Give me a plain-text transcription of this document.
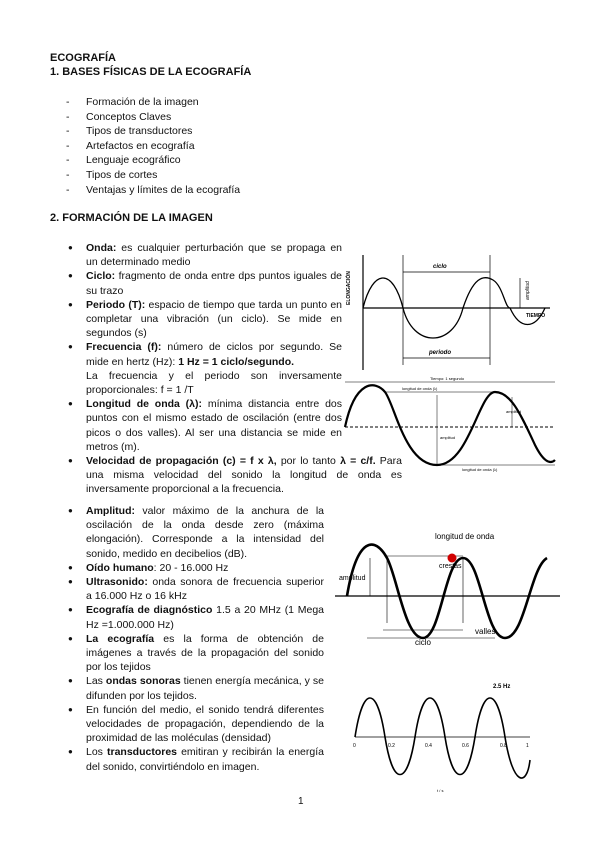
ECOGRAFÍA
1. BASES FÍSICAS DE LA ECOGRAFÍA
- Formación de la imagen
- Conceptos Claves
- Tipos de transductores
- Artefactos en ecografía
- Lenguaje ecográfico
- Tipos de cortes
- Ventajas y límites de la ecografía
2. FORMACIÓN DE LA IMAGEN
● Onda: es cualquier perturbación que se propaga en un determinado medio
● Ciclo: fragmento de onda entre dps puntos iguales de su trazo
● Periodo (T): espacio de tiempo que tarda un punto en completar una vibración (un ciclo). Se mide en segundos (s)
● Frecuencia (f): número de ciclos por segundo. Se mide en hertz (Hz): 1 Hz = 1 ciclo/segundo.
La frecuencia y el periodo son inversamente proporcionales: f = 1 /T
● Longitud de onda (λ): mínima distancia entre dos puntos con el mismo estado de oscilación (entre dos picos o dos valles). Al ser una distancia se mide en metros (m).
● Velocidad de propagación (c) = f x λ, por lo tanto λ = c/f. Para una misma velocidad del sonido la longitud de onda es inversamente proporcional a la frecuencia.
● Amplitud: valor máximo de la anchura de la oscilación de la onda desde zero (máxima elongación). Corresponde a la intensidad del sonido, medido en decibelios (dB).
● Oído humano: 20 - 16.000 Hz
● Ultrasonido: onda sonora de frecuencia superior a 16.000 Hz o 16 kHz
● Ecografía de diagnóstico 1.5 a 20 MHz (1 Mega Hz =1.000.000 Hz)
● La ecografía es la forma de obtención de imágenes a través de la propagación del sonido por los tejidos
● Las ondas sonoras tienen energía mecánica, y se difunden por los tejidos.
● En función del medio, el sonido tendrá diferentes velocidades de propagación, dependiendo de la proximidad de las moléculas (densidad)
● Los transductores emitiran y recibirán la energía del sonido, convirtiéndolo en imagen.
ELONGACIÓN
TIEMPO
ciclo
periodo
amplitud
Tiempo: 1 segundo
longitud de onda (λ)
amplitud
amplitud
longitud de onda (λ)
longitud de onda
crestas
amplitud
valles
ciclo
2.5 Hz
0	0.2	0.4	0.6	0.8	1
t / s
1
